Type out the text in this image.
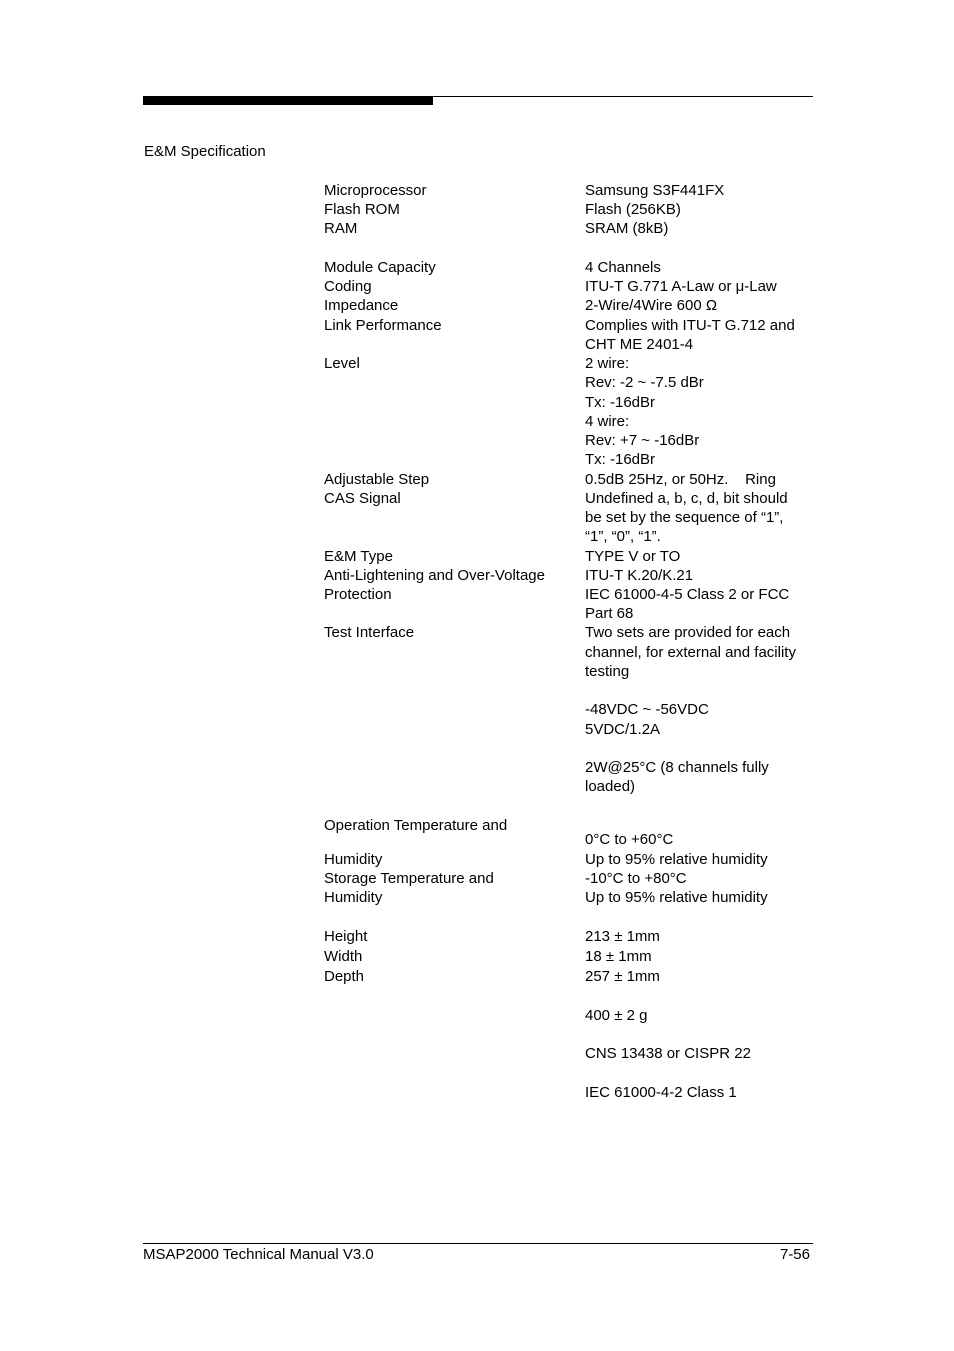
E&M Specification
Microprocessor
Flash ROM
RAM
Module Capacity
Coding
Impedance
Link Performance
Level
Adjustable Step
CAS Signal
E&M Type
Anti-Lightening and Over-Voltage
Protection
Test Interface
Operation Temperature and
Humidity
Storage Temperature and
Humidity
Height
Width
Depth
Samsung S3F441FX
Flash (256KB)
SRAM (8kB)
4 Channels
ITU-T G.771 A-Law or μ-Law
2-Wire/4Wire 600 Ω
Complies with ITU-T G.712 and
CHT ME 2401-4
2 wire:
Rev: -2 ~ -7.5 dBr
Tx: -16dBr
4 wire:
Rev: +7 ~ -16dBr
Tx: -16dBr
0.5dB 25Hz, or 50Hz.    Ring
Undefined a, b, c, d, bit should
be set by the sequence of “1”,
“1”, “0”, “1”.
TYPE V or TO
ITU-T K.20/K.21
IEC 61000-4-5 Class 2 or FCC
Part 68
Two sets are provided for each
channel, for external and facility
testing
-48VDC ~ -56VDC
5VDC/1.2A
2W@25°C (8 channels fully
loaded)
0°C to +60°C
Up to 95% relative humidity
-10°C to +80°C
Up to 95% relative humidity
213 ± 1mm
18 ± 1mm
257 ± 1mm
400 ± 2 g
CNS 13438 or CISPR 22
IEC 61000-4-2 Class 1
MSAP2000 Technical Manual V3.0	7-56
